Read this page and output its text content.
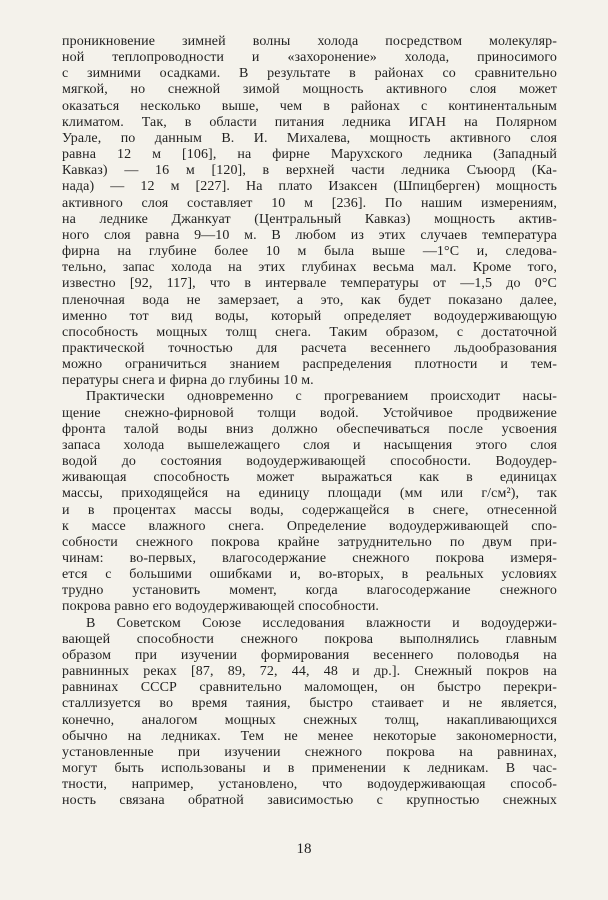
проникновение зимней волны холода посредством молекуляр-

ной теплопроводности и «захоронение» холода, приносимого

с зимними осадками. В результате в районах со сравнительно

мягкой, но снежной зимой мощность активного слоя может

оказаться несколько выше, чем в районах с континентальным

климатом. Так, в области питания ледника ИГАН на Полярном

Урале, по данным В. И. Михалева, мощность активного слоя

равна 12 м [106], на фирне Марухского ледника (Западный

Кавказ) — 16 м [120], в верхней части ледника Съюорд (Ка-

нада) — 12 м [227]. На плато Изаксен (Шпицберген) мощность

активного слоя составляет 10 м [236]. По нашим измерениям,

на леднике Джанкуат (Центральный Кавказ) мощность актив-

ного слоя равна 9—10 м. В любом из этих случаев температура

фирна на глубине более 10 м была выше —1°С и, следова-

тельно, запас холода на этих глубинах весьма мал. Кроме того,

известно [92, 117], что в интервале температуры от —1,5 до 0°С

пленочная вода не замерзает, а это, как будет показано далее,

именно тот вид воды, который определяет водоудерживающую

способность мощных толщ снега. Таким образом, с достаточной

практической точностью для расчета весеннего льдообразования

можно ограничиться знанием распределения плотности и тем-

пературы снега и фирна до глубины 10 м.

Практически одновременно с прогреванием происходит насы-

щение снежно-фирновой толщи водой. Устойчивое продвижение

фронта талой воды вниз должно обеспечиваться после усвоения

запаса холода вышележащего слоя и насыщения этого слоя

водой до состояния водоудерживающей способности. Водоудер-

живающая способность может выражаться как в единицах

массы, приходящейся на единицу площади (мм или г/см²), так

и в процентах массы воды, содержащейся в снеге, отнесенной

к массе влажного снега. Определение водоудерживающей спо-

собности снежного покрова крайне затруднительно по двум при-

чинам: во-первых, влагосодержание снежного покрова измеря-

ется с большими ошибками и, во-вторых, в реальных условиях

трудно установить момент, когда влагосодержание снежного

покрова равно его водоудерживающей способности.

В Советском Союзе исследования влажности и водоудержи-

вающей способности снежного покрова выполнялись главным

образом при изучении формирования весеннего половодья на

равнинных реках [87, 89, 72, 44, 48 и др.]. Снежный покров на

равнинах СССР сравнительно маломощен, он быстро перекри-

сталлизуется во время таяния, быстро стаивает и не является,

конечно, аналогом мощных снежных толщ, накапливающихся

обычно на ледниках. Тем не менее некоторые закономерности,

установленные при изучении снежного покрова на равнинах,

могут быть использованы и в применении к ледникам. В час-

тности, например, установлено, что водоудерживающая способ-

ность связана обратной зависимостью с крупностью снежных

18
